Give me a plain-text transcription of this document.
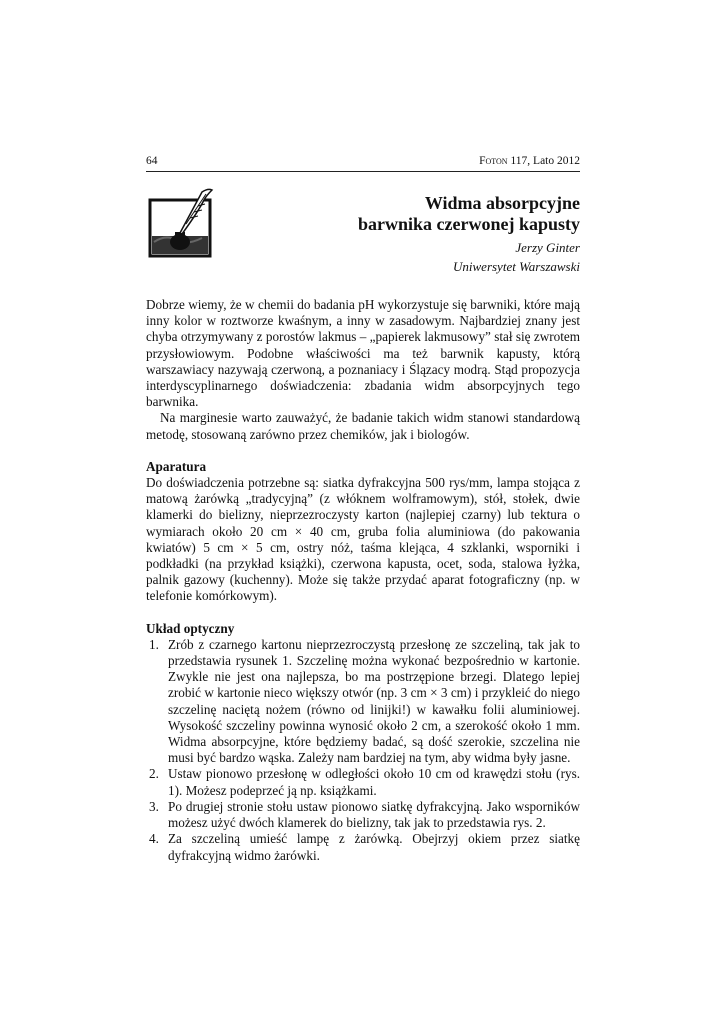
64	Foton 117, Lato 2012
Widma absorpcyjne
barwnika czerwonej kapusty
Jerzy Ginter
Uniwersytet Warszawski

Dobrze wiemy, że w chemii do badania pH wykorzystuje się barwniki, które mają inny kolor w roztworze kwaśnym, a inny w zasadowym. Najbardziej znany jest chyba otrzymywany z porostów lakmus – „papierek lakmusowy” stał się zwrotem przysłowiowym. Podobne właściwości ma też barwnik kapusty, którą warszawiacy nazywają czerwoną, a poznaniacy i Ślązacy modrą. Stąd propozycja interdyscyplinarnego doświadczenia: zbadania widm absorpcyjnych tego barwnika.

Na marginesie warto zauważyć, że badanie takich widm stanowi standardową metodę, stosowaną zarówno przez chemików, jak i biologów.

Aparatura

Do doświadczenia potrzebne są: siatka dyfrakcyjna 500 rys/mm, lampa stojąca z matową żarówką „tradycyjną” (z włóknem wolframowym), stół, stołek, dwie klamerki do bielizny, nieprzezroczysty karton (najlepiej czarny) lub tektura o wymiarach około 20 cm × 40 cm, gruba folia aluminiowa (do pakowania kwiatów) 5 cm × 5 cm, ostry nóż, taśma klejąca, 4 szklanki, wsporniki i podkładki (na przykład książki), czerwona kapusta, ocet, soda, stalowa łyżka, palnik gazowy (kuchenny). Może się także przydać aparat fotograficzny (np. w telefonie komórkowym).

Układ optyczny
1. Zrób z czarnego kartonu nieprzezroczystą przesłonę ze szczeliną, tak jak to przedstawia rysunek 1. Szczelinę można wykonać bezpośrednio w kartonie. Zwykle nie jest ona najlepsza, bo ma postrzępione brzegi. Dlatego lepiej zrobić w kartonie nieco większy otwór (np. 3 cm × 3 cm) i przykleić do niego szczelinę naciętą nożem (równo od linijki!) w kawałku folii aluminiowej. Wysokość szczeliny powinna wynosić około 2 cm, a szerokość około 1 mm. Widma absorpcyjne, które będziemy badać, są dość szerokie, szczelina nie musi być bardzo wąska. Zależy nam bardziej na tym, aby widma były jasne.
2. Ustaw pionowo przesłonę w odległości około 10 cm od krawędzi stołu (rys. 1). Możesz podeprzeć ją np. książkami.
3. Po drugiej stronie stołu ustaw pionowo siatkę dyfrakcyjną. Jako wsporników możesz użyć dwóch klamerek do bielizny, tak jak to przedstawia rys. 2.
4. Za szczeliną umieść lampę z żarówką. Obejrzyj okiem przez siatkę dyfrakcyjną widmo żarówki.
